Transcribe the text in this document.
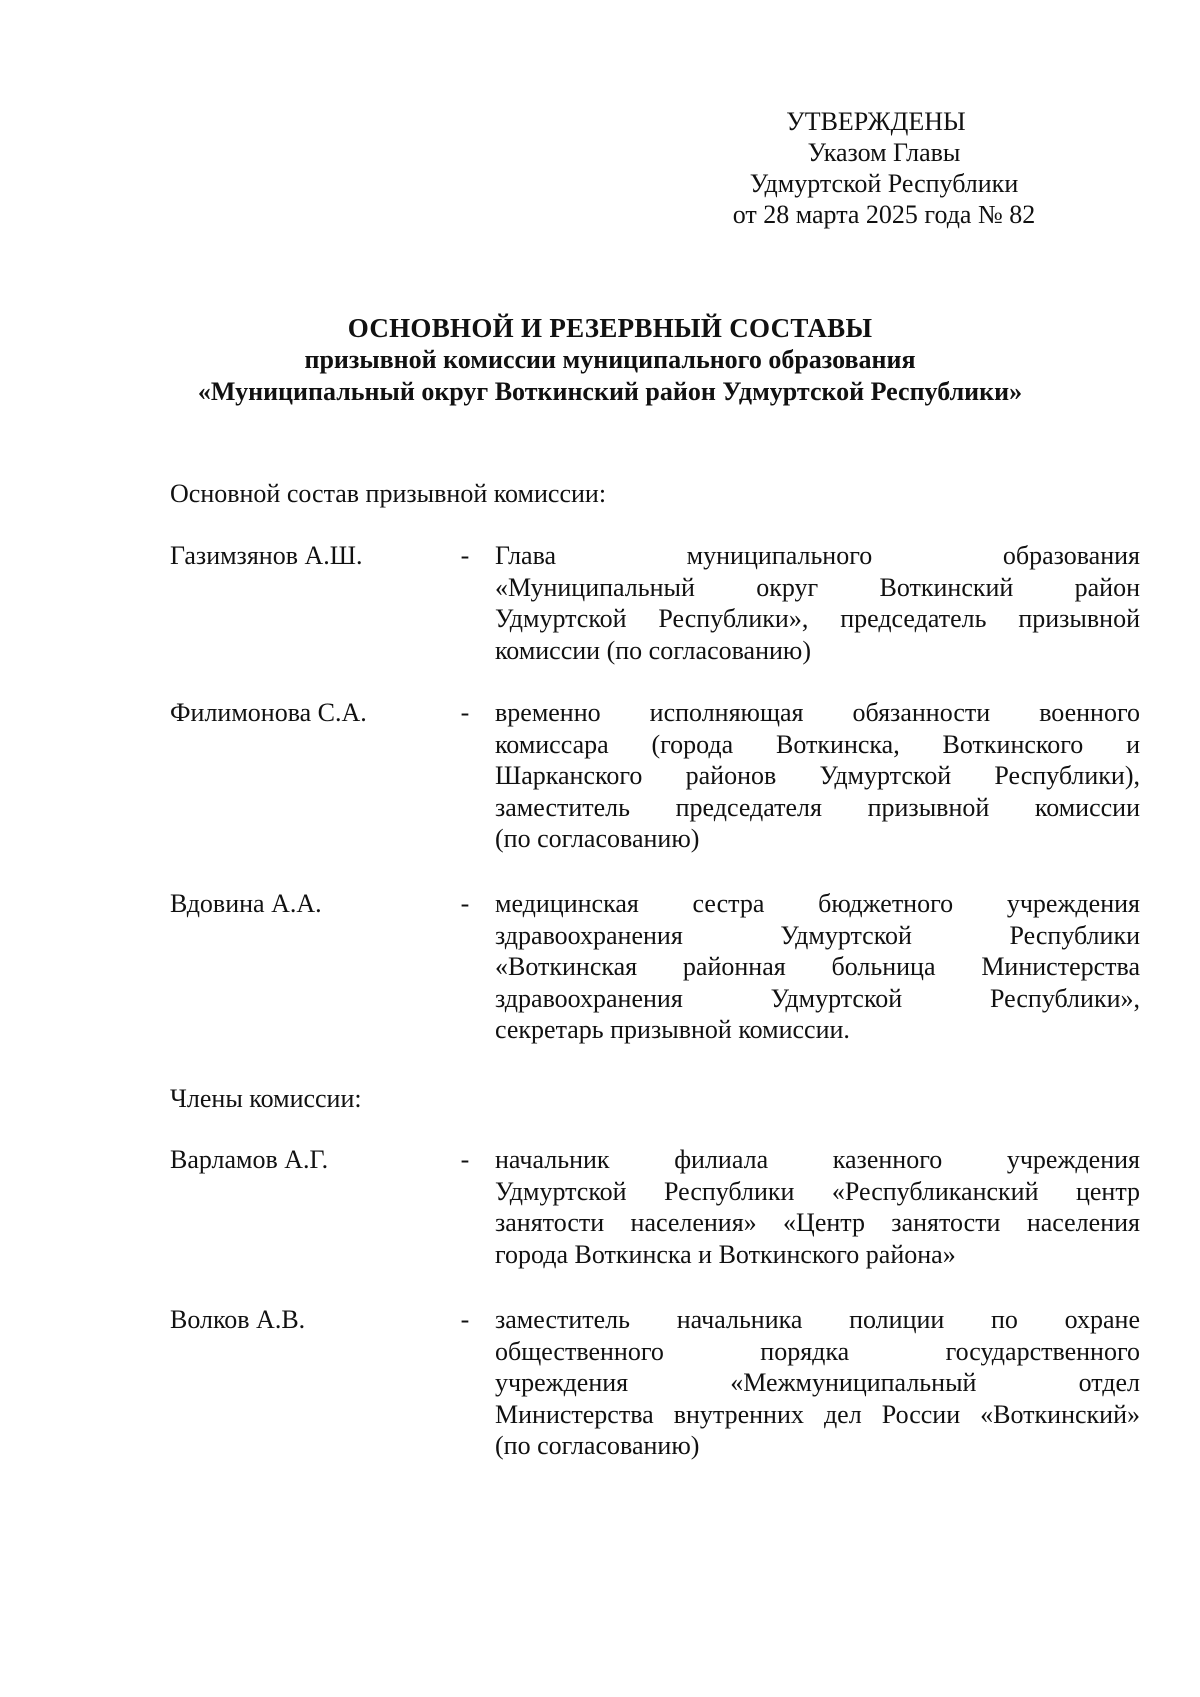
УТВЕРЖДЕНЫ
Указом Главы
Удмуртской Республики
от 28 марта 2025 года № 82
ОСНОВНОЙ И РЕЗЕРВНЫЙ СОСТАВЫ
призывной комиссии муниципального образования
«Муниципальный округ Воткинский район Удмуртской Республики»
Основной состав призывной комиссии:
Газимзянов А.Ш.	- Глава муниципального образования
«Муниципальный округ Воткинский район
Удмуртской Республики», председатель призывной
комиссии (по согласованию)
Филимонова С.А.	- временно исполняющая обязанности военного
комиссара (города Воткинска, Воткинского и
Шарканского районов Удмуртской Республики),
заместитель председателя призывной комиссии
(по согласованию)
Вдовина А.А.	- медицинская сестра бюджетного учреждения
здравоохранения Удмуртской Республики
«Воткинская районная больница Министерства
здравоохранения Удмуртской Республики»,
секретарь призывной комиссии.
Члены комиссии:
Варламов А.Г.	- начальник филиала казенного учреждения
Удмуртской Республики «Республиканский центр
занятости населения» «Центр занятости населения
города Воткинска и Воткинского района»
Волков А.В.	- заместитель начальника полиции по охране
общественного порядка государственного
учреждения «Межмуниципальный отдел
Министерства внутренних дел России «Воткинский»
(по согласованию)
